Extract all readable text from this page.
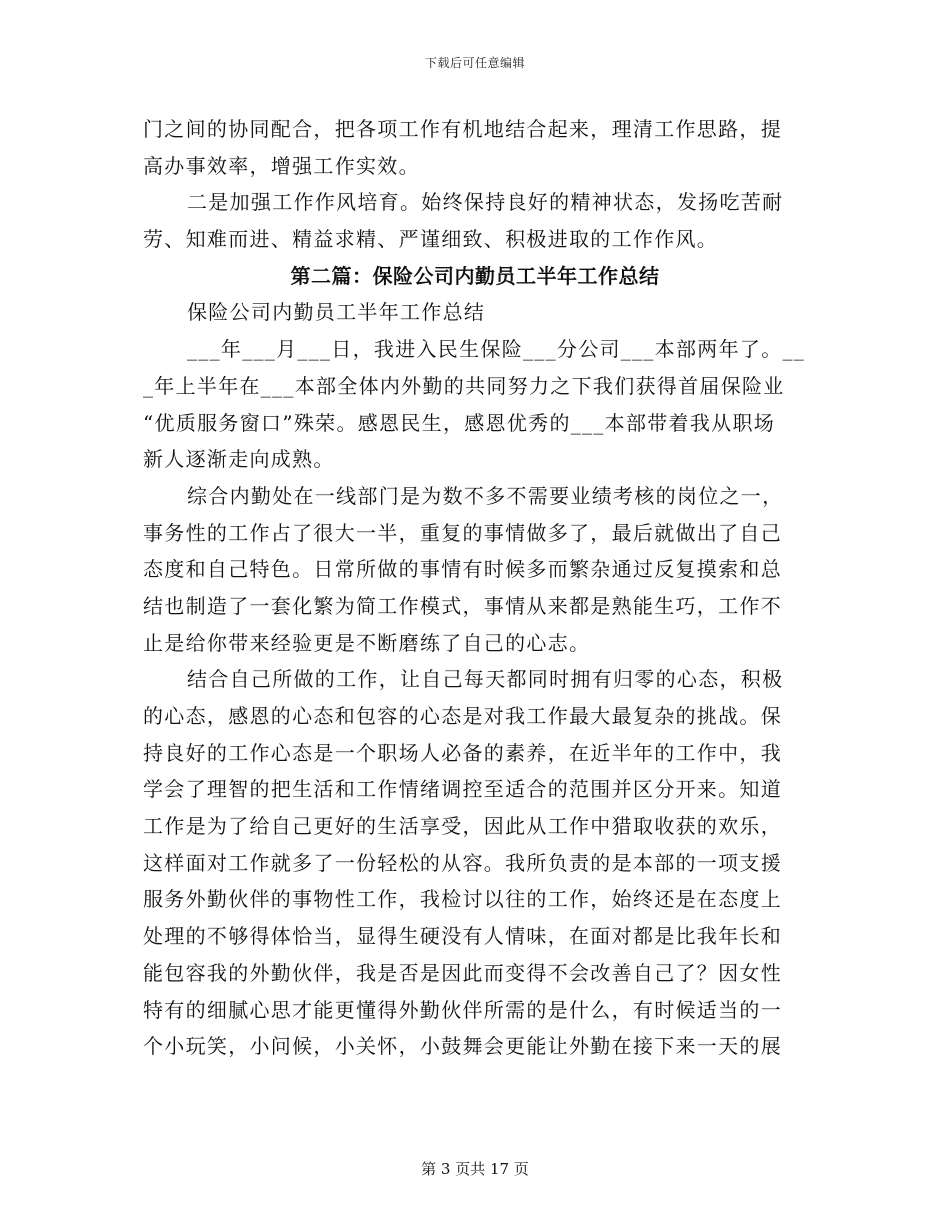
下载后可任意编辑
门之间的协同配合，把各项工作有机地结合起来，理清工作思路，提
高办事效率，增强工作实效。
二是加强工作作风培育。始终保持良好的精神状态，发扬吃苦耐
劳、知难而进、精益求精、严谨细致、积极进取的工作作风。
第二篇：保险公司内勤员工半年工作总结
保险公司内勤员工半年工作总结
___年___月___日，我进入民生保险___分公司___本部两年了。__
_年上半年在___本部全体内外勤的共同努力之下我们获得首届保险业
“优质服务窗口”殊荣。感恩民生，感恩优秀的___本部带着我从职场
新人逐渐走向成熟。
综合内勤处在一线部门是为数不多不需要业绩考核的岗位之一，
事务性的工作占了很大一半，重复的事情做多了，最后就做出了自己
态度和自己特色。日常所做的事情有时候多而繁杂通过反复摸索和总
结也制造了一套化繁为简工作模式，事情从来都是熟能生巧，工作不
止是给你带来经验更是不断磨练了自己的心志。
结合自己所做的工作，让自己每天都同时拥有归零的心态，积极
的心态，感恩的心态和包容的心态是对我工作最大最复杂的挑战。保
持良好的工作心态是一个职场人必备的素养，在近半年的工作中，我
学会了理智的把生活和工作情绪调控至适合的范围并区分开来。知道
工作是为了给自己更好的生活享受，因此从工作中猎取收获的欢乐，
这样面对工作就多了一份轻松的从容。我所负责的是本部的一项支援
服务外勤伙伴的事物性工作，我检讨以往的工作，始终还是在态度上
处理的不够得体恰当，显得生硬没有人情味，在面对都是比我年长和
能包容我的外勤伙伴，我是否是因此而变得不会改善自己了？因女性
特有的细腻心思才能更懂得外勤伙伴所需的是什么，有时候适当的一
个小玩笑，小问候，小关怀，小鼓舞会更能让外勤在接下来一天的展
第 3 页共 17 页
